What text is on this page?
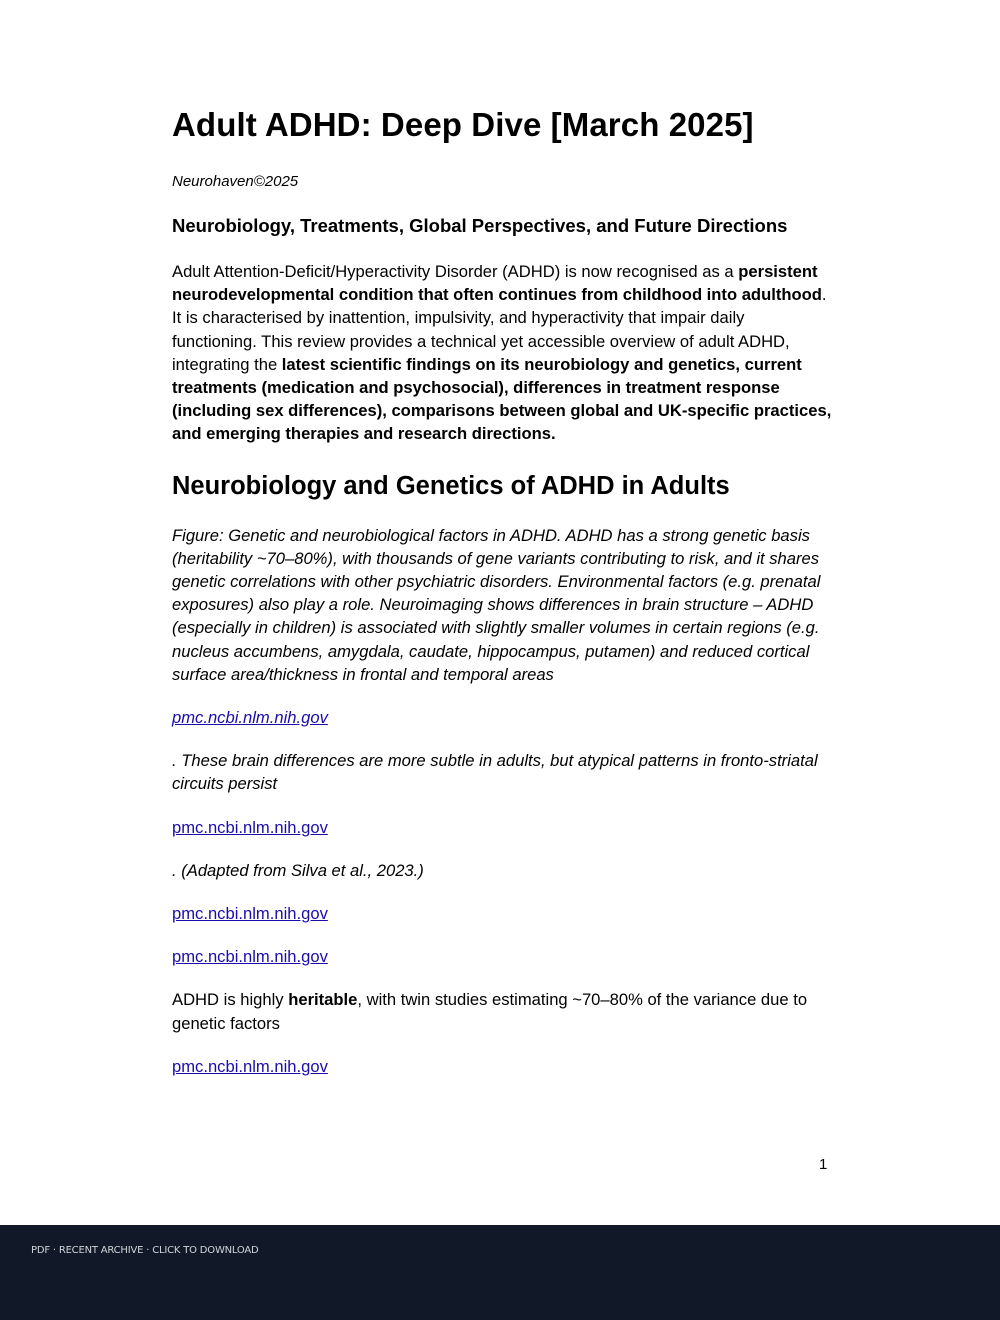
Adult ADHD: Deep Dive [March 2025]
Neurohaven©2025
Neurobiology, Treatments, Global Perspectives, and Future Directions

Adult Attention-Deficit/Hyperactivity Disorder (ADHD) is now recognised as a persistent neurodevelopmental condition that often continues from childhood into adulthood. It is characterised by inattention, impulsivity, and hyperactivity that impair daily functioning. This review provides a technical yet accessible overview of adult ADHD, integrating the latest scientific findings on its neurobiology and genetics, current treatments (medication and psychosocial), differences in treatment response (including sex differences), comparisons between global and UK-specific practices, and emerging therapies and research directions.

Neurobiology and Genetics of ADHD in Adults

Figure: Genetic and neurobiological factors in ADHD. ADHD has a strong genetic basis (heritability ~70–80%), with thousands of gene variants contributing to risk, and it shares genetic correlations with other psychiatric disorders. Environmental factors (e.g. prenatal exposures) also play a role. Neuroimaging shows differences in brain structure – ADHD (especially in children) is associated with slightly smaller volumes in certain regions (e.g. nucleus accumbens, amygdala, caudate, hippocampus, putamen) and reduced cortical surface area/thickness in frontal and temporal areas

pmc.ncbi.nlm.nih.gov

. These brain differences are more subtle in adults, but atypical patterns in fronto-striatal circuits persist

pmc.ncbi.nlm.nih.gov

. (Adapted from Silva et al., 2023.)

pmc.ncbi.nlm.nih.gov

pmc.ncbi.nlm.nih.gov

ADHD is highly heritable, with twin studies estimating ~70–80% of the variance due to genetic factors

pmc.ncbi.nlm.nih.gov

1
PDF · RECENT ARCHIVE · CLICK TO DOWNLOAD
